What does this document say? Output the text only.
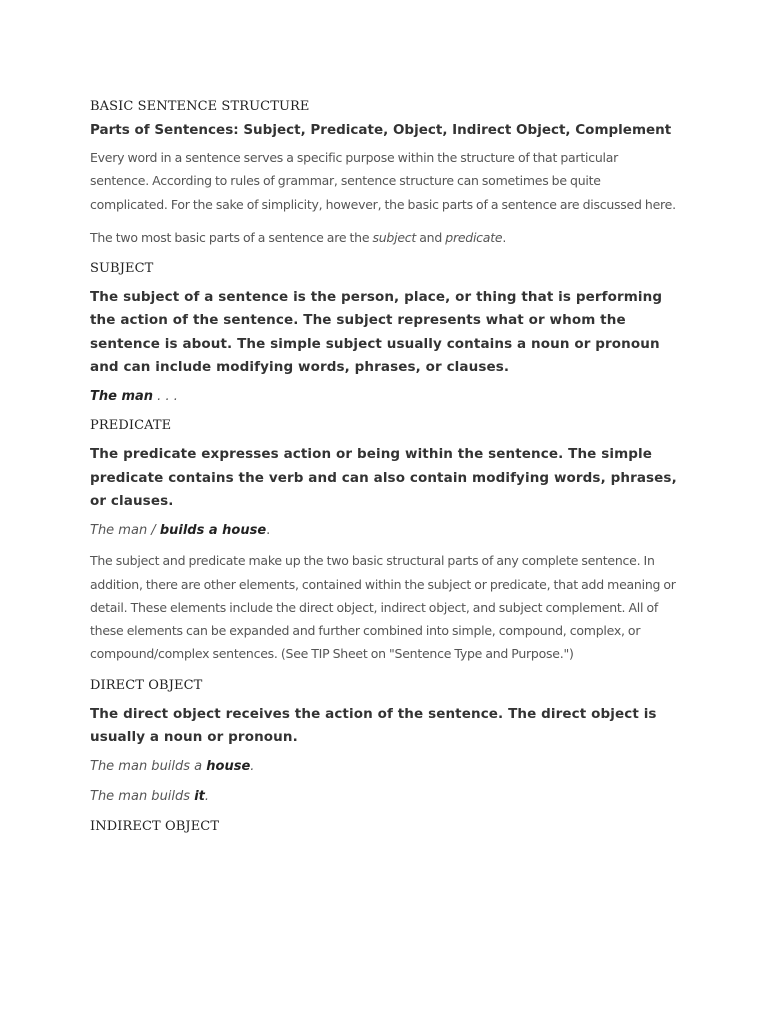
BASIC SENTENCE STRUCTURE
Parts of Sentences: Subject, Predicate, Object, Indirect Object, Complement
Every word in a sentence serves a specific purpose within the structure of that particular sentence. According to rules of grammar, sentence structure can sometimes be quite complicated. For the sake of simplicity, however, the basic parts of a sentence are discussed here.
The two most basic parts of a sentence are the subject and predicate.
SUBJECT
The subject of a sentence is the person, place, or thing that is performing the action of the sentence. The subject represents what or whom the sentence is about. The simple subject usually contains a noun or pronoun and can include modifying words, phrases, or clauses.
The man . . .
PREDICATE
The predicate expresses action or being within the sentence. The simple predicate contains the verb and can also contain modifying words, phrases, or clauses.
The man / builds a house.
The subject and predicate make up the two basic structural parts of any complete sentence. In addition, there are other elements, contained within the subject or predicate, that add meaning or detail. These elements include the direct object, indirect object, and subject complement. All of these elements can be expanded and further combined into simple, compound, complex, or compound/complex sentences. (See TIP Sheet on "Sentence Type and Purpose.")
DIRECT OBJECT
The direct object receives the action of the sentence. The direct object is usually a noun or pronoun.
The man builds a house.
The man builds it.
INDIRECT OBJECT
